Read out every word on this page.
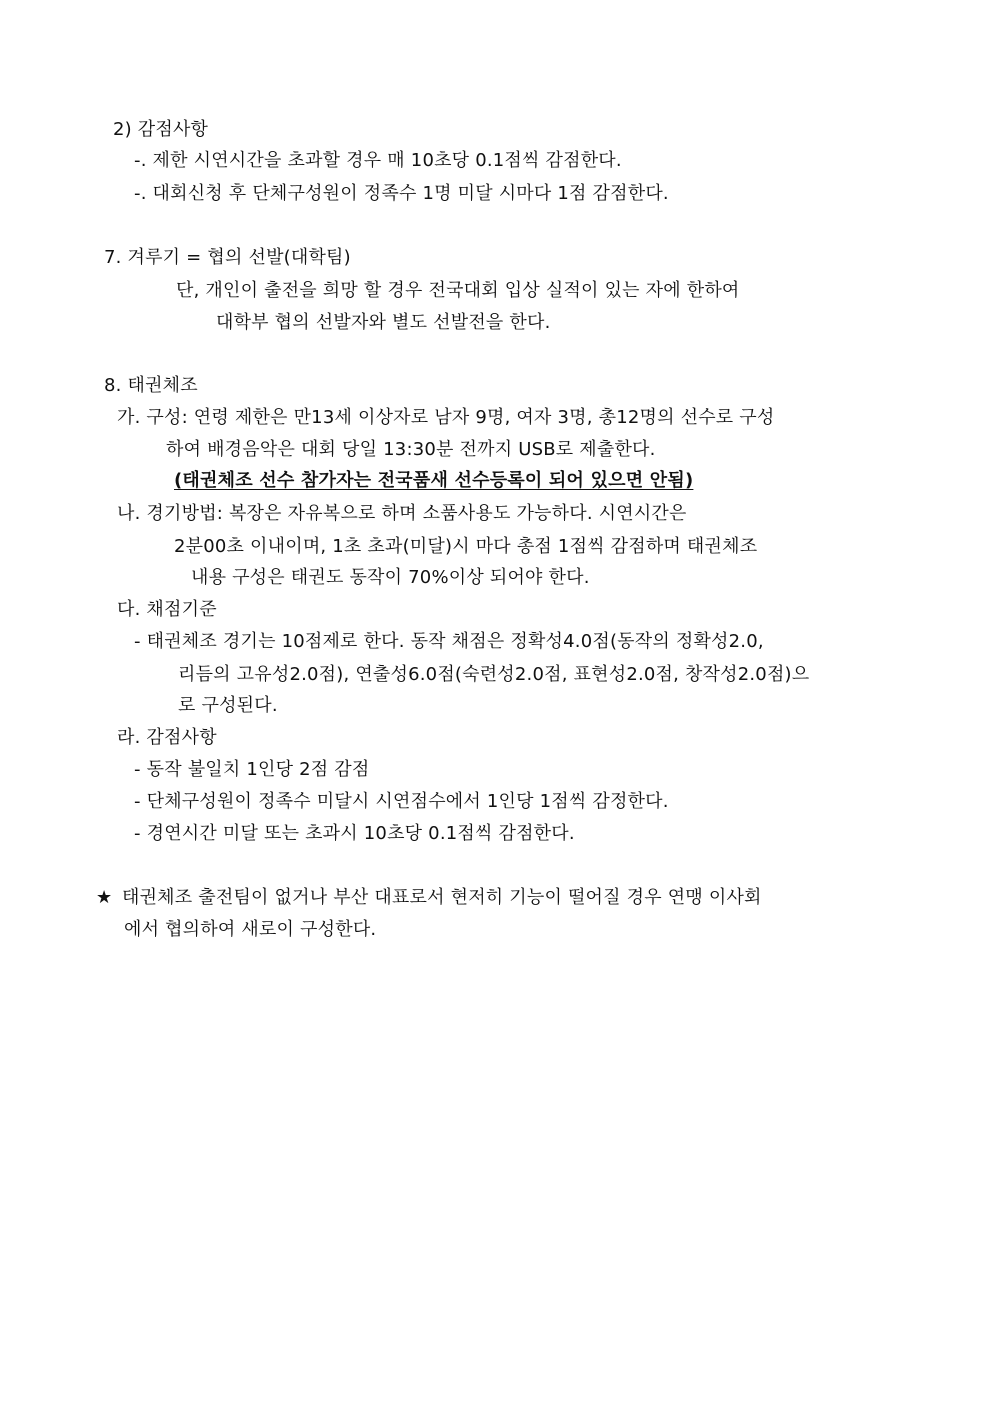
2) 감점사항
-. 제한 시연시간을 초과할 경우 매 10초당 0.1점씩 감점한다.
-. 대회신청 후 단체구성원이 정족수 1명 미달 시마다 1점 감점한다.
7. 겨루기 = 협의 선발(대학팀)
단, 개인이 출전을 희망 할 경우 전국대회 입상 실적이 있는 자에 한하여
대학부 협의 선발자와 별도 선발전을 한다.
8. 태권체조
가. 구성: 연령 제한은 만13세 이상자로 남자 9명, 여자 3명, 총12명의 선수로 구성
하여 배경음악은 대회 당일 13:30분 전까지 USB로 제출한다.
(태권체조 선수 참가자는 전국품새 선수등록이 되어 있으면 안됨)
나. 경기방법: 복장은 자유복으로 하며 소품사용도 가능하다. 시연시간은
2분00초 이내이며, 1초 초과(미달)시 마다 총점 1점씩 감점하며 태권체조
내용 구성은 태권도 동작이 70%이상 되어야 한다.
다. 채점기준
- 태권체조 경기는 10점제로 한다. 동작 채점은 정확성4.0점(동작의 정확성2.0,
리듬의 고유성2.0점), 연출성6.0점(숙련성2.0점, 표현성2.0점, 창작성2.0점)으
로 구성된다.
라. 감점사항
- 동작 불일치 1인당 2점 감점
- 단체구성원이 정족수 미달시 시연점수에서 1인당 1점씩 감정한다.
- 경연시간 미달 또는 초과시 10초당 0.1점씩 감점한다.
★ 태권체조 출전팀이 없거나 부산 대표로서 현저히 기능이 떨어질 경우 연맹 이사회
에서 협의하여 새로이 구성한다.
